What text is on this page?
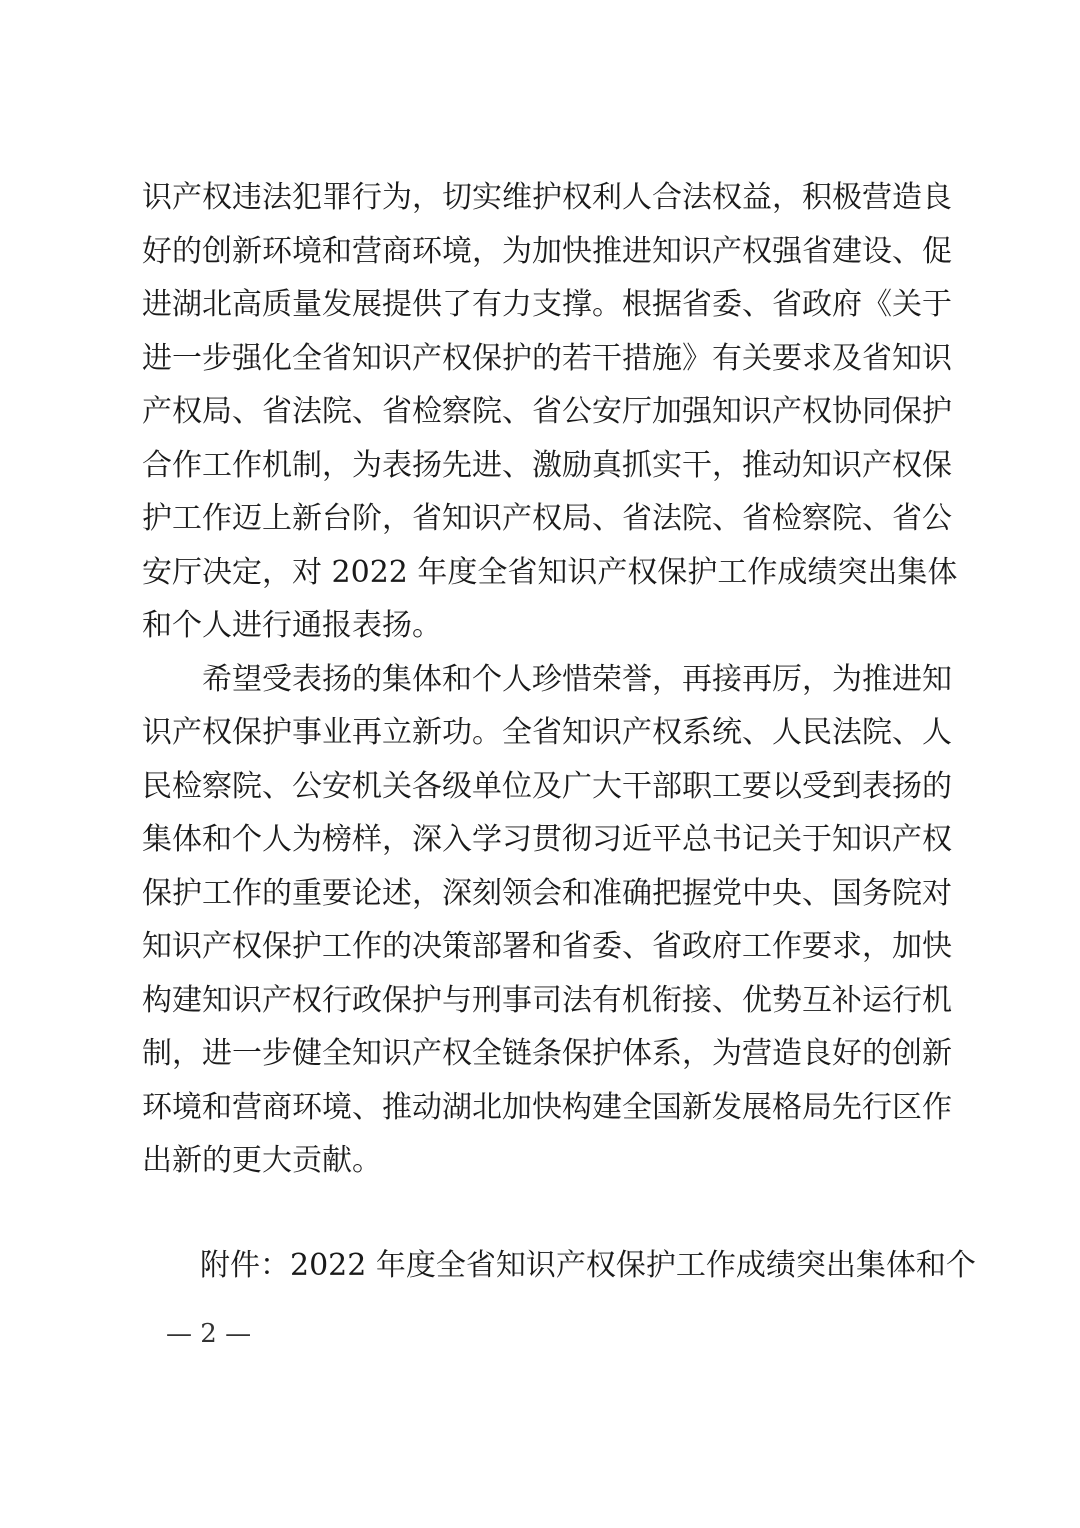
识产权违法犯罪行为，切实维护权利人合法权益，积极营造良
好的创新环境和营商环境，为加快推进知识产权强省建设、促
进湖北高质量发展提供了有力支撑。根据省委、省政府《关于
进一步强化全省知识产权保护的若干措施》有关要求及省知识
产权局、省法院、省检察院、省公安厅加强知识产权协同保护
合作工作机制，为表扬先进、激励真抓实干，推动知识产权保
护工作迈上新台阶，省知识产权局、省法院、省检察院、省公
安厅决定，对 2022 年度全省知识产权保护工作成绩突出集体
和个人进行通报表扬。
希望受表扬的集体和个人珍惜荣誉，再接再厉，为推进知
识产权保护事业再立新功。全省知识产权系统、人民法院、人
民检察院、公安机关各级单位及广大干部职工要以受到表扬的
集体和个人为榜样，深入学习贯彻习近平总书记关于知识产权
保护工作的重要论述，深刻领会和准确把握党中央、国务院对
知识产权保护工作的决策部署和省委、省政府工作要求，加快
构建知识产权行政保护与刑事司法有机衔接、优势互补运行机
制，进一步健全知识产权全链条保护体系，为营造良好的创新
环境和营商环境、推动湖北加快构建全国新发展格局先行区作
出新的更大贡献。
附件：2022 年度全省知识产权保护工作成绩突出集体和个
— 2 —
